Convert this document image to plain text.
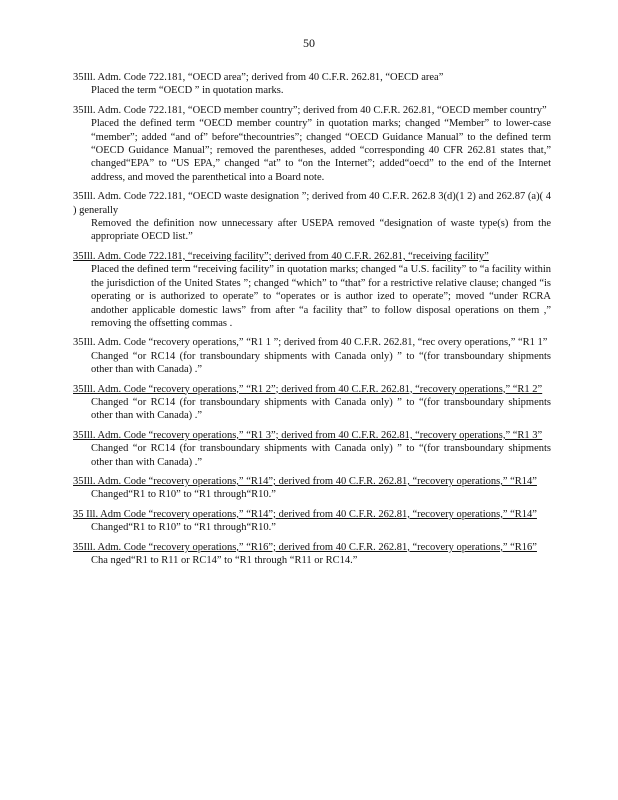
50
35Ill. Adm. Code 722.181, “OECD area”; derived from 40 C.F.R. 262.81, “OECD area”
Placed the term “OECD ” in quotation marks.
35Ill. Adm. Code 722.181, “OECD member country”; derived from 40 C.F.R. 262.81, “OECD member country”
Placed the defined term “OECD member country” in quotation marks; changed “Member” to lower-case “member”; added “and of” before“thecountries”; changed “OECD Guidance Manual” to the defined term “OECD Guidance Manual”; removed the parentheses, added “corresponding 40 CFR 262.81 states that,” changed“EPA” to “US EPA,” changed “at” to “on the Internet”; added“oecd” to the end of the Internet address, and moved the parenthetical into a Board note.
35Ill. Adm. Code 722.181, “OECD waste designation ”; derived from 40 C.F.R. 262.8 3(d)(1 2) and 262.87 (a)( 4 ) generally
Removed the definition now unnecessary after USEPA removed “designation of waste type(s) from the appropriate OECD list.”
35Ill. Adm. Code 722.181, “receiving facility”; derived from 40 C.F.R. 262.81, “receiving facility”
Placed the defined term “receiving facility” in quotation marks; changed “a U.S. facility” to “a facility within the jurisdiction of the United States ”; changed “which” to “that” for a restrictive relative clause; changed “is operating or is authorized to operate” to “operates or is author ized to operate”; moved “under RCRA andother applicable domestic laws” from after “a facility that” to follow disposal operations on them ,” removing the offsetting commas .
35Ill. Adm. Code “recovery operations,” “R1 1 ”; derived from 40 C.F.R. 262.81, “rec overy operations,” “R1 1”
Changed “or RC14 (for transboundary shipments with Canada only) ” to “(for transboundary shipments other than with Canada) .”
35Ill. Adm. Code “recovery operations,” “R1 2”; derived from 40 C.F.R. 262.81, “recovery operations,” “R1 2”
Changed “or RC14 (for transboundary shipments with Canada only) ” to “(for transboundary shipments other than with Canada) .”
35Ill. Adm. Code “recovery operations,” “R1 3”; derived from 40 C.F.R. 262.81, “recovery operations,” “R1 3”
Changed “or RC14 (for transboundary shipments with Canada only) ” to “(for transboundary shipments other than with Canada) .”
35Ill. Adm. Code “recovery operations,” “R14”; derived from 40 C.F.R. 262.81, “recovery operations,” “R14”
Changed“R1 to R10” to “R1 through“R10.”
35 Ill. Adm Code “recovery operations,” “R14”; derived from 40 C.F.R. 262.81, “recovery operations,” “R14”
Changed“R1 to R10” to “R1 through“R10.”
35Ill. Adm. Code “recovery operations,” “R16”; derived from 40 C.F.R. 262.81, “recovery operations,” “R16”
Cha nged“R1 to R11 or RC14” to “R1 through “R11 or RC14.”
